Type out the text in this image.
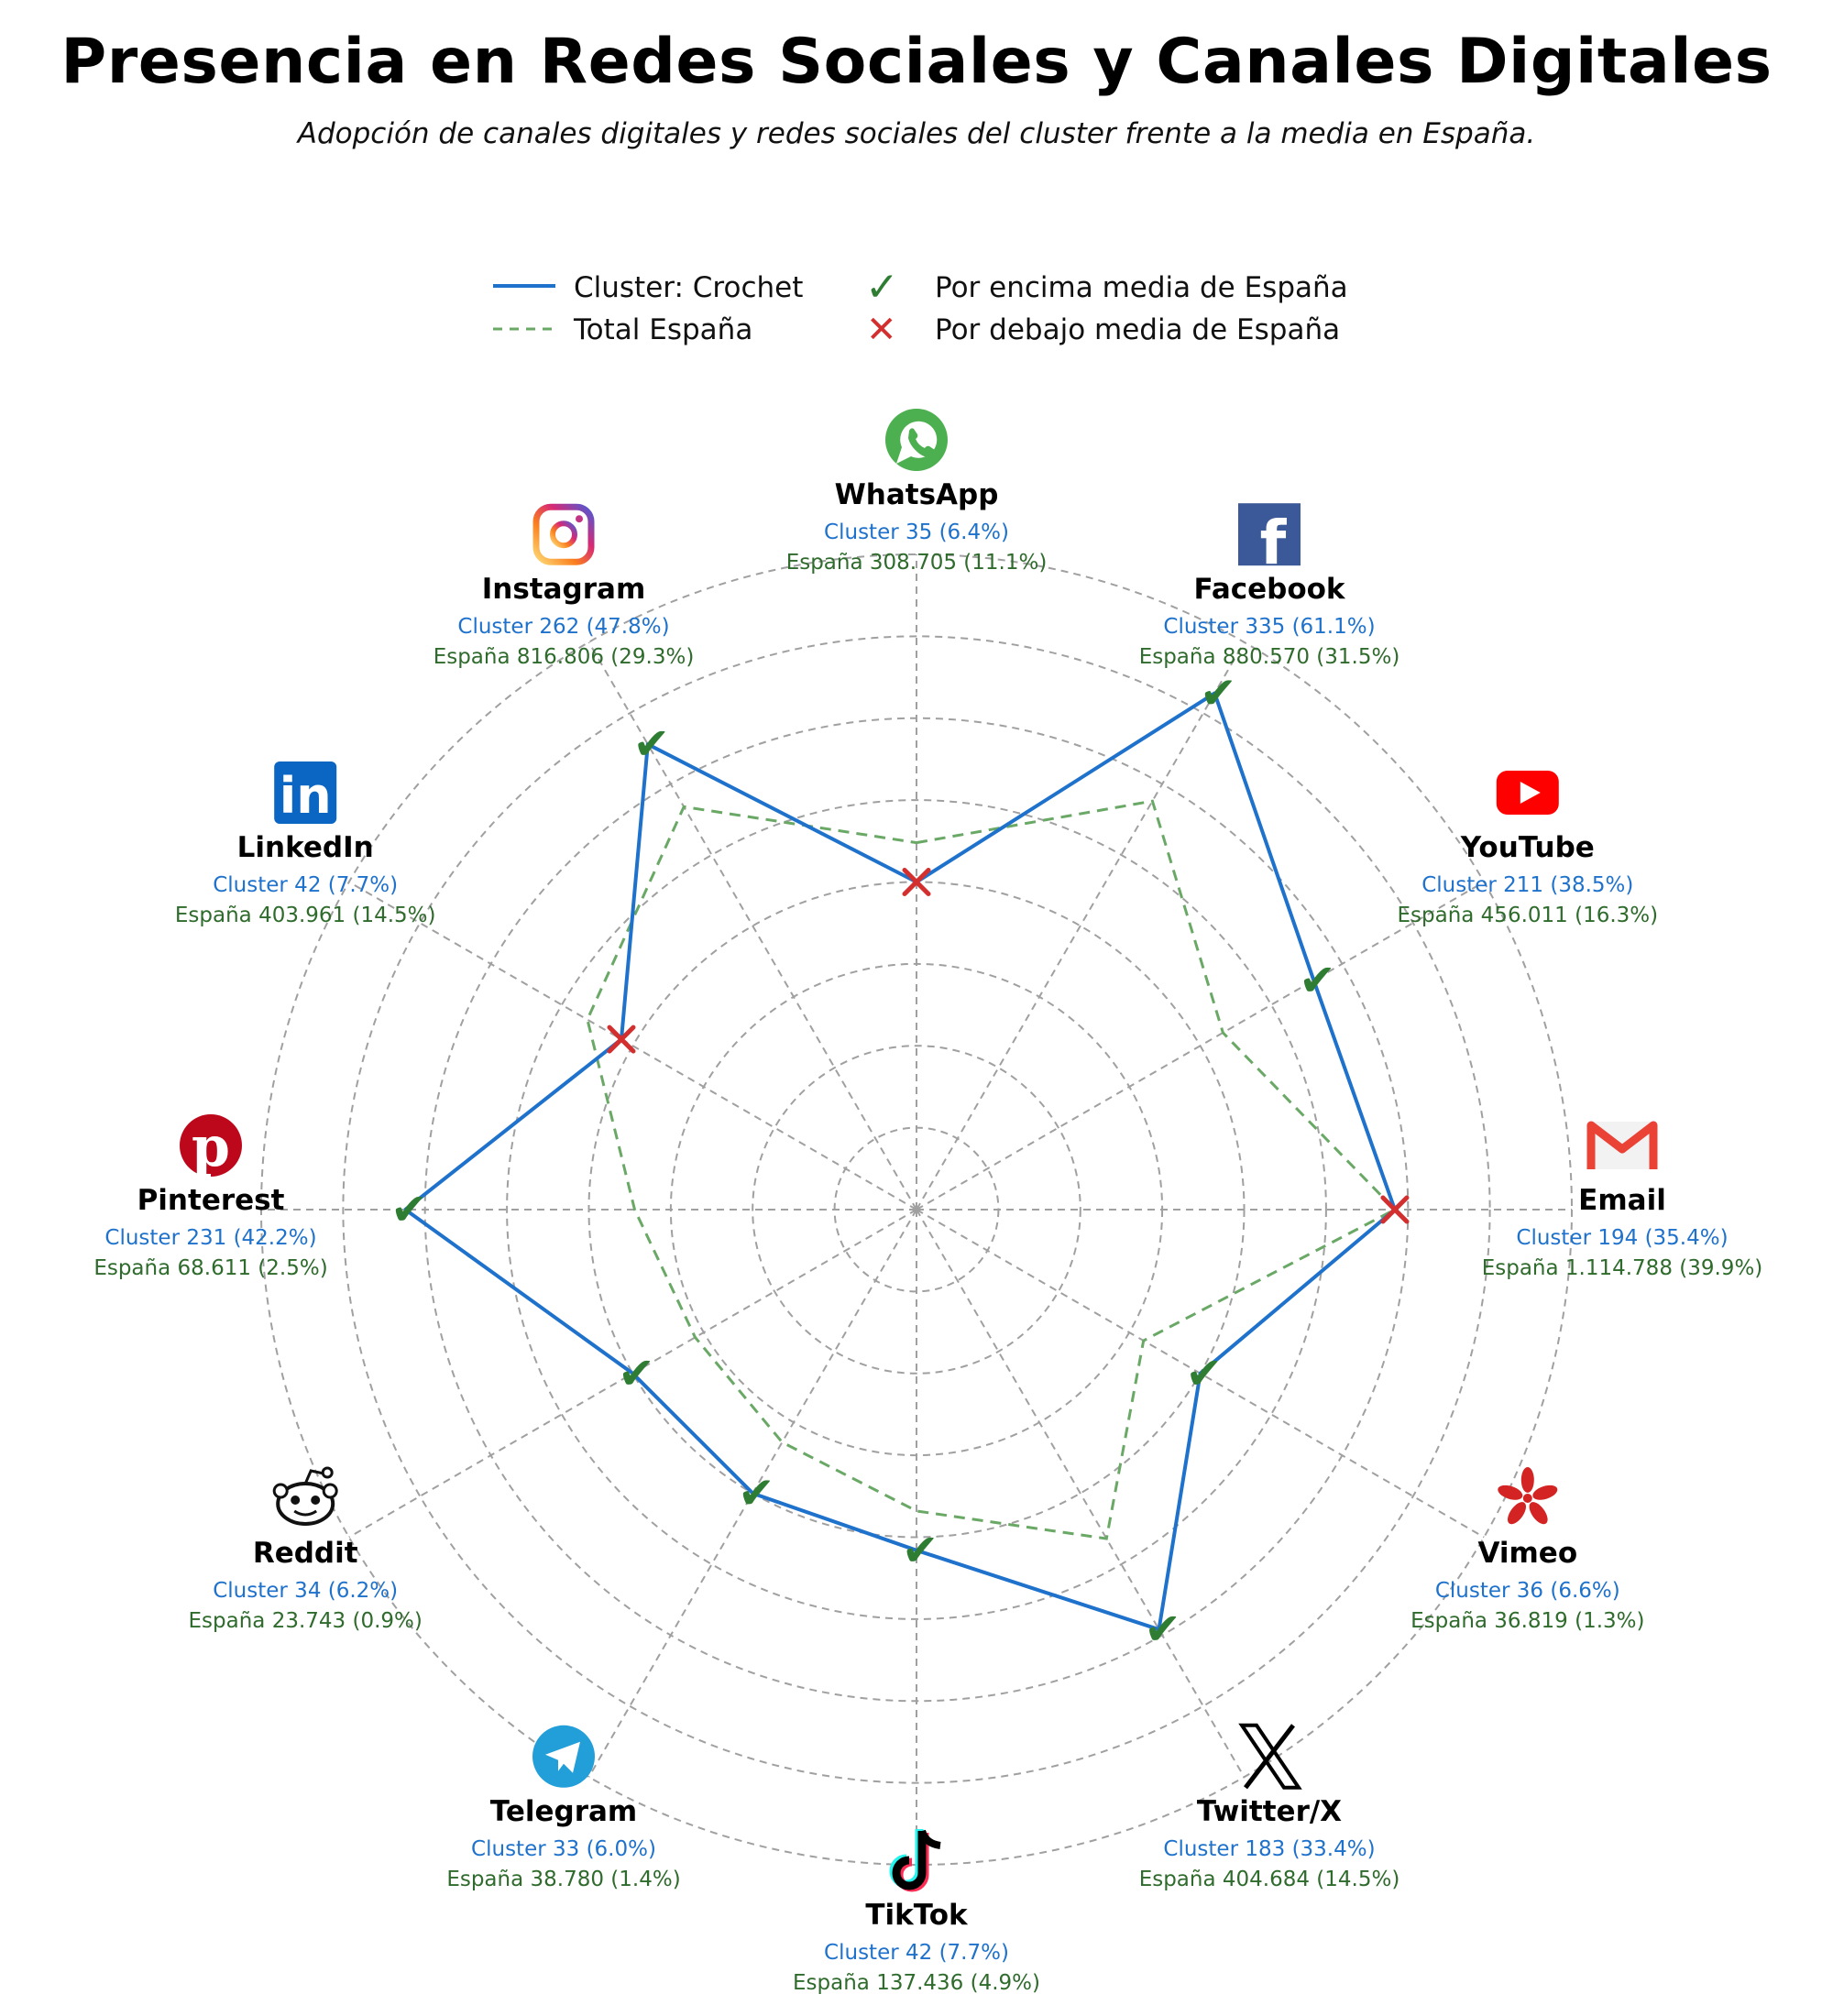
Presencia en Redes Sociales y Canales Digitales
Adopción de canales digitales y redes sociales del cluster frente a la media en España.
Cluster: Crochet
Total España
✓ Por encima media de España
✕ Por debajo media de España
✔
✔
✔
✔
✔
✔
✔
✔
✔
WhatsApp
Cluster 35 (6.4%)
España 308.705 (11.1%)
Facebook
Cluster 335 (61.1%)
España 880.570 (31.5%)
YouTube
Cluster 211 (38.5%)
España 456.011 (16.3%)
Email
Cluster 194 (35.4%)
España 1.114.788 (39.9%)
Vimeo
Cluster 36 (6.6%)
España 36.819 (1.3%)
Twitter/X
Cluster 183 (33.4%)
España 404.684 (14.5%)
TikTok
Cluster 42 (7.7%)
España 137.436 (4.9%)
Telegram
Cluster 33 (6.0%)
España 38.780 (1.4%)
Reddit
Cluster 34 (6.2%)
España 23.743 (0.9%)
Pinterest
Cluster 231 (42.2%)
España 68.611 (2.5%)
LinkedIn
Cluster 42 (7.7%)
España 403.961 (14.5%)
Instagram
Cluster 262 (47.8%)
España 816.806 (29.3%)
f
p
in
